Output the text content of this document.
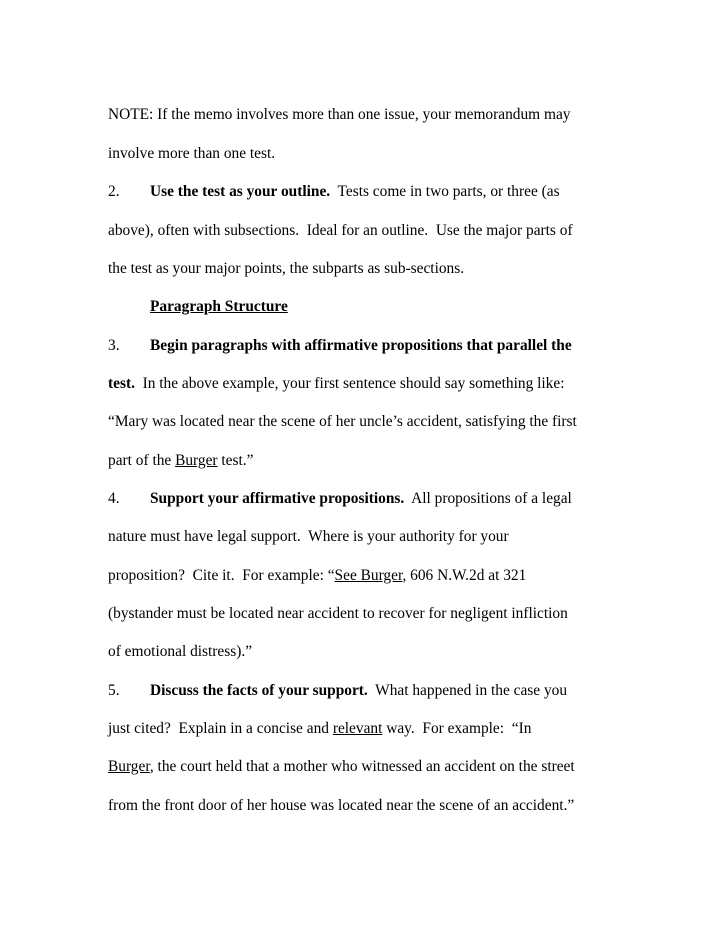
NOTE: If the memo involves more than one issue, your memorandum may
involve more than one test.
2. Use the test as your outline.  Tests come in two parts, or three (as
above), often with subsections.  Ideal for an outline.  Use the major parts of
the test as your major points, the subparts as sub-sections.
Paragraph Structure
3. Begin paragraphs with affirmative propositions that parallel the
test.  In the above example, your first sentence should say something like:
“Mary was located near the scene of her uncle’s accident, satisfying the first
part of the Burger test.”
4. Support your affirmative propositions.  All propositions of a legal
nature must have legal support.  Where is your authority for your
proposition?  Cite it.  For example: “See Burger, 606 N.W.2d at 321
(bystander must be located near accident to recover for negligent infliction
of emotional distress).”
5. Discuss the facts of your support.  What happened in the case you
just cited?  Explain in a concise and relevant way.  For example:  “In
Burger, the court held that a mother who witnessed an accident on the street
from the front door of her house was located near the scene of an accident.”
